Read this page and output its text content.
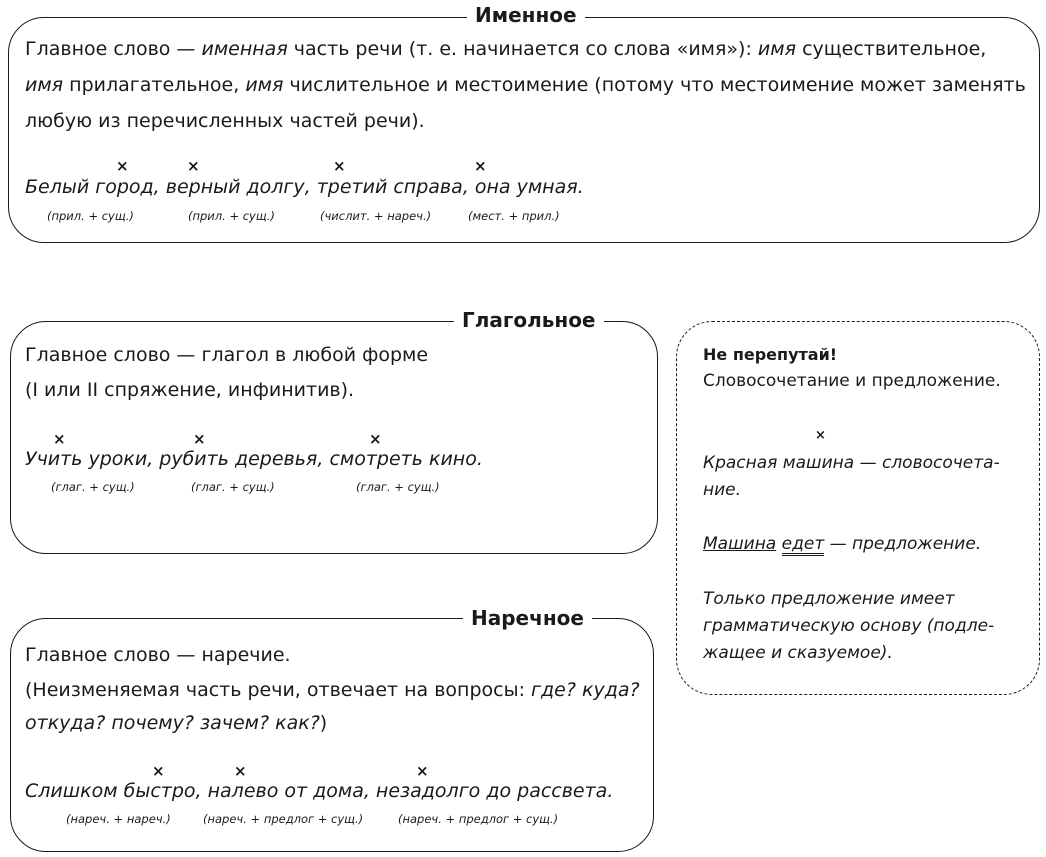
Именное
Главное слово — именная часть речи (т. е. начинается со слова «имя»): имя существительное,
имя прилагательное, имя числительное и местоимение (потому что местоимение может заменять
любую из перечисленных частей речи).
×	×	×	×
Белый город, верный долгу, третий справа, она умная.
(прил. + сущ.)	(прил. + сущ.)	(числит. + нареч.)	(мест. + прил.)
Глагольное
Главное слово — глагол в любой форме
(I или II спряжение, инфинитив).
×	×	×
Учить уроки, рубить деревья, смотреть кино.
(глаг. + сущ.)	(глаг. + сущ.)	(глаг. + сущ.)
Наречное
Главное слово — наречие.
(Неизменяемая часть речи, отвечает на вопросы: где? куда?
откуда? почему? зачем? как?)
×	×	×
Слишком быстро, налево от дома, незадолго до рассвета.
(нареч. + нареч.)	(нареч. + предлог + сущ.)	(нареч. + предлог + сущ.)
Не перепутай!
Словосочетание и предложение.
×
Красная машина — словосочета-
ние.
Машина едет — предложение.
Только предложение имеет
грамматическую основу (подле-
жащее и сказуемое).
